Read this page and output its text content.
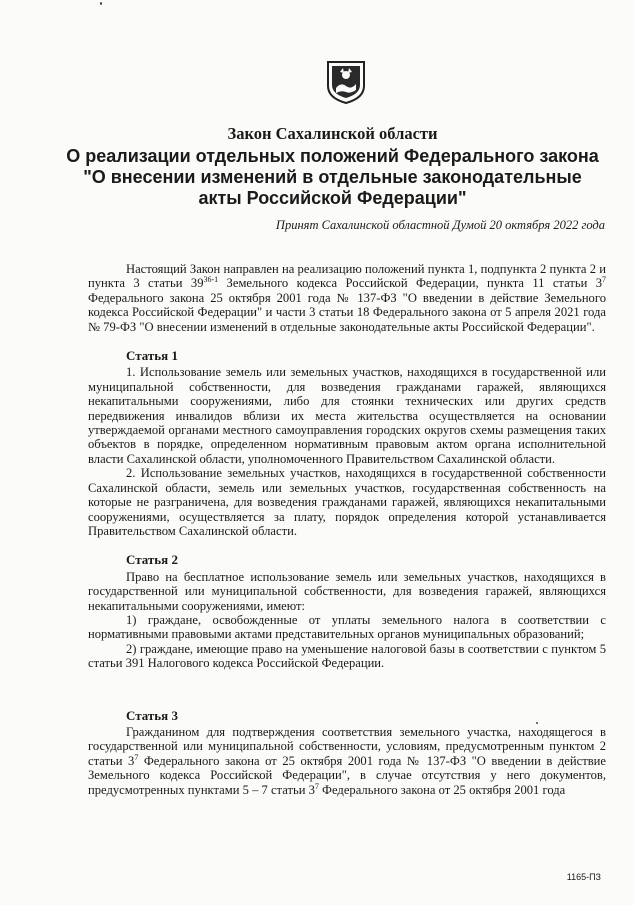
Закон Сахалинской области
О реализации отдельных положений Федерального закона "О внесении изменений в отдельные законодательные акты Российской Федерации"
Принят Сахалинской областной Думой 20 октября 2022 года

Настоящий Закон направлен на реализацию положений пункта 1, подпункта 2 пункта 2 и пункта 3 статьи 39$^{36-1}$ Земельного кодекса Российской Федерации, пункта 11 статьи $3^7$ Федерального закона 25 октября 2001 года № 137-ФЗ "О введении в действие Земельного кодекса Российской Федерации" и части 3 статьи 18 Федерального закона от 5 апреля 2021 года № 79-ФЗ "О внесении изменений в отдельные законодательные акты Российской Федерации".

Статья 1

1. Использование земель или земельных участков, находящихся в государственной или муниципальной собственности, для возведения гражданами гаражей, являющихся некапитальными сооружениями, либо для стоянки технических или других средств передвижения инвалидов вблизи их места жительства осуществляется на основании утверждаемой органами местного самоуправления городских округов схемы размещения таких объектов в порядке, определенном нормативным правовым актом органа исполнительной власти Сахалинской области, уполномоченного Правительством Сахалинской области.

2. Использование земельных участков, находящихся в государственной собственности Сахалинской области, земель или земельных участков, государственная собственность на которые не разграничена, для возведения гражданами гаражей, являющихся некапитальными сооружениями, осуществляется за плату, порядок определения которой устанавливается Правительством Сахалинской области.

Статья 2

Право на бесплатное использование земель или земельных участков, находящихся в государственной или муниципальной собственности, для возведения гаражей, являющихся некапитальными сооружениями, имеют:

1) граждане, освобожденные от уплаты земельного налога в соответствии с нормативными правовыми актами представительных органов муниципальных образований;

2) граждане, имеющие право на уменьшение налоговой базы в соответствии с пунктом 5 статьи 391 Налогового кодекса Российской Федерации.

Статья 3

Гражданином для подтверждения соответствия земельного участка, находящегося в государственной или муниципальной собственности, условиям, предусмотренным пунктом 2 статьи $3^7$ Федерального закона от 25 октября 2001 года № 137-ФЗ "О введении в действие Земельного кодекса Российской Федерации", в случае отсутствия у него документов, предусмотренных пунктами 5 – 7 статьи $3^7$ Федерального закона от 25 октября 2001 года

1165-ПЗ
